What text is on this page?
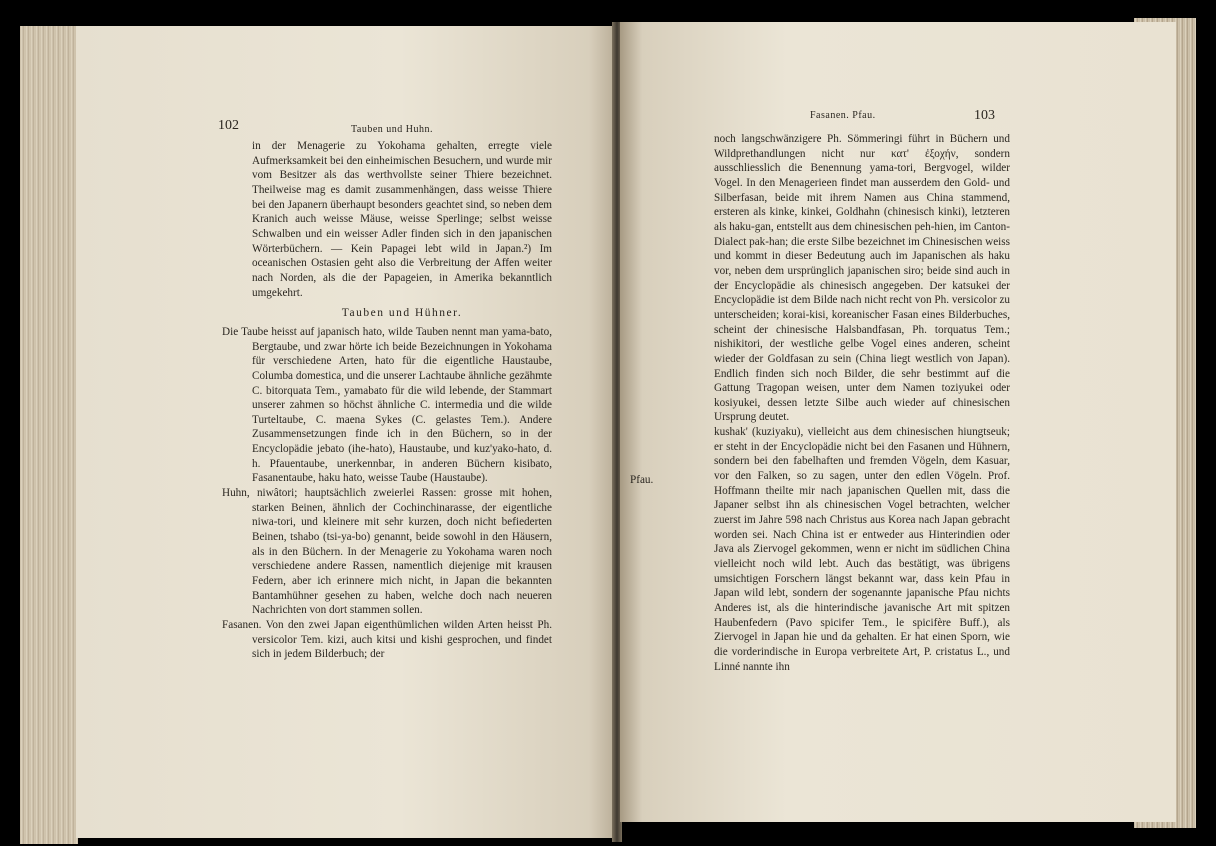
102	Tauben und Huhn.

in der Menagerie zu Yokohama gehalten, erregte viele Aufmerksamkeit bei den einheimischen Besuchern, und wurde mir vom Besitzer als das werthvollste seiner Thiere bezeichnet. Theilweise mag es damit zusammenhängen, dass weisse Thiere bei den Japanern überhaupt besonders geachtet sind, so neben dem Kranich auch weisse Mäuse, weisse Sperlinge; selbst weisse Schwalben und ein weisser Adler finden sich in den japanischen Wörterbüchern. — Kein Papagei lebt wild in Japan.²) Im oceanischen Ostasien geht also die Verbreitung der Affen weiter nach Norden, als die der Papageien, in Amerika bekanntlich umgekehrt.

Tauben und Hühner.

Die Taube heisst auf japanisch hato, wilde Tauben nennt man yama-bato, Bergtaube, und zwar hörte ich beide Bezeichnungen in Yokohama für verschiedene Arten, hato für die eigentliche Haustaube, Columba domestica, und die unserer Lachtaube ähnliche gezähmte C. bitorquata Tem., yamabato für die wild lebende, der Stammart unserer zahmen so höchst ähnliche C. intermedia und die wilde Turteltaube, C. maena Sykes (C. gelastes Tem.). Andere Zusammensetzungen finde ich in den Büchern, so in der Encyclopädie jebato (ihe-hato), Haustaube, und kuz'yako-hato, d. h. Pfauentaube, unerkennbar, in anderen Büchern kisibato, Fasanentaube, haku hato, weisse Taube (Haustaube).

Huhn, niwâtori; hauptsächlich zweierlei Rassen: grosse mit hohen, starken Beinen, ähnlich der Cochinchinarasse, der eigentliche niwa-tori, und kleinere mit sehr kurzen, doch nicht befiederten Beinen, tshabo (tsi-ya-bo) genannt, beide sowohl in den Häusern, als in den Büchern. In der Menagerie zu Yokohama waren noch verschiedene andere Rassen, namentlich diejenige mit krausen Federn, aber ich erinnere mich nicht, in Japan die bekannten Bantamhühner gesehen zu haben, welche doch nach neueren Nachrichten von dort stammen sollen.

Fasanen. Von den zwei Japan eigenthümlichen wilden Arten heisst Ph. versicolor Tem. kizi, auch kitsi und kishi gesprochen, und findet sich in jedem Bilderbuch; der

Fasanen. Pfau.	103

noch langschwänzigere Ph. Sömmeringi führt in Büchern und Wildprethandlungen nicht nur κατ' ἐξοχήν, sondern ausschliesslich die Benennung yama-tori, Bergvogel, wilder Vogel. In den Menagerieen findet man ausserdem den Gold- und Silberfasan, beide mit ihrem Namen aus China stammend, ersteren als kinke, kinkei, Goldhahn (chinesisch kinki), letzteren als haku-gan, entstellt aus dem chinesischen peh-hien, im Canton-Dialect pak-han; die erste Silbe bezeichnet im Chinesischen weiss und kommt in dieser Bedeutung auch im Japanischen als haku vor, neben dem ursprünglich japanischen siro; beide sind auch in der Encyclopädie als chinesisch angegeben. Der katsukei der Encyclopädie ist dem Bilde nach nicht recht von Ph. versicolor zu unterscheiden; korai-kisi, koreanischer Fasan eines Bilderbuches, scheint der chinesische Halsbandfasan, Ph. torquatus Tem.; nishikitori, der westliche gelbe Vogel eines anderen, scheint wieder der Goldfasan zu sein (China liegt westlich von Japan). Endlich finden sich noch Bilder, die sehr bestimmt auf die Gattung Tragopan weisen, unter dem Namen toziyukei oder kosiyukei, dessen letzte Silbe auch wieder auf chinesischen Ursprung deutet.

kushak' (kuziyaku), vielleicht aus dem chinesischen hiungtseuk; er steht in der Encyclopädie nicht bei den Fasanen und Hühnern, sondern bei den fabelhaften und fremden Vögeln, dem Kasuar, vor den Falken, so zu sagen, unter den edlen Vögeln. Prof. Hoffmann theilte mir nach japanischen Quellen mit, dass die Japaner selbst ihn als chinesischen Vogel betrachten, welcher zuerst im Jahre 598 nach Christus aus Korea nach Japan gebracht worden sei. Nach China ist er entweder aus Hinterindien oder Java als Ziervogel gekommen, wenn er nicht im südlichen China vielleicht noch wild lebt. Auch das bestätigt, was übrigens umsichtigen Forschern längst bekannt war, dass kein Pfau in Japan wild lebt, sondern der sogenannte japanische Pfau nichts Anderes ist, als die hinterindische javanische Art mit spitzen Haubenfedern (Pavo spicifer Tem., le spicifère Buff.), als Ziervogel in Japan hie und da gehalten. Er hat einen Sporn, wie die vorderindische in Europa verbreitete Art, P. cristatus L., und Linné nannte ihn

Pfau.
